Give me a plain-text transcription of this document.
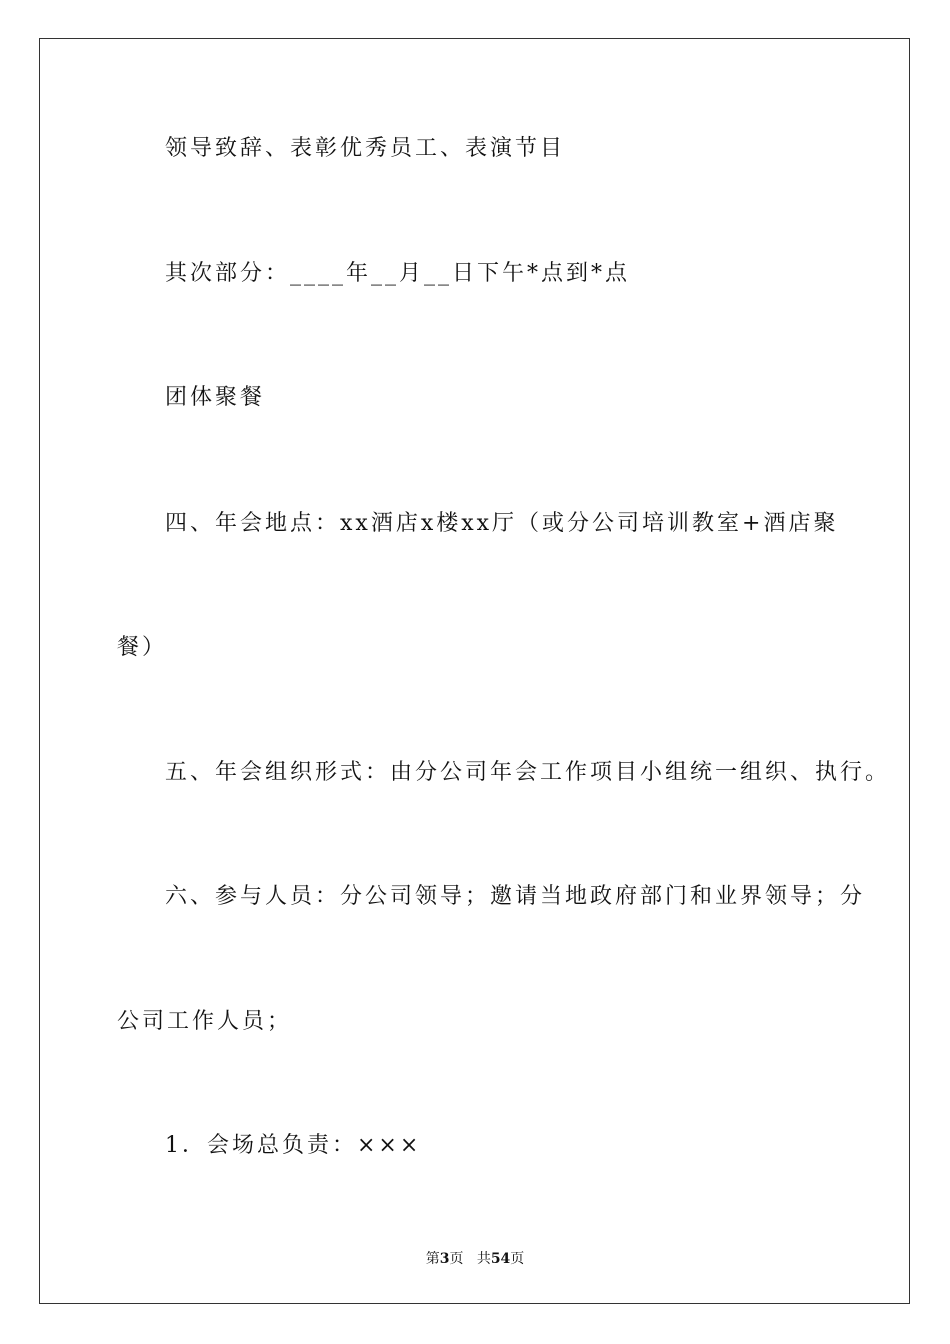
领导致辞、表彰优秀员工、表演节目
其次部分：____年__月__日下午*点到*点
团体聚餐
四、年会地点：xx酒店x楼xx厅（或分公司培训教室+酒店聚
餐）
五、年会组织形式：由分公司年会工作项目小组统一组织、执行。
六、参与人员：分公司领导；邀请当地政府部门和业界领导；分
公司工作人员；
1．会场总负责：×××
第3页 共54页
